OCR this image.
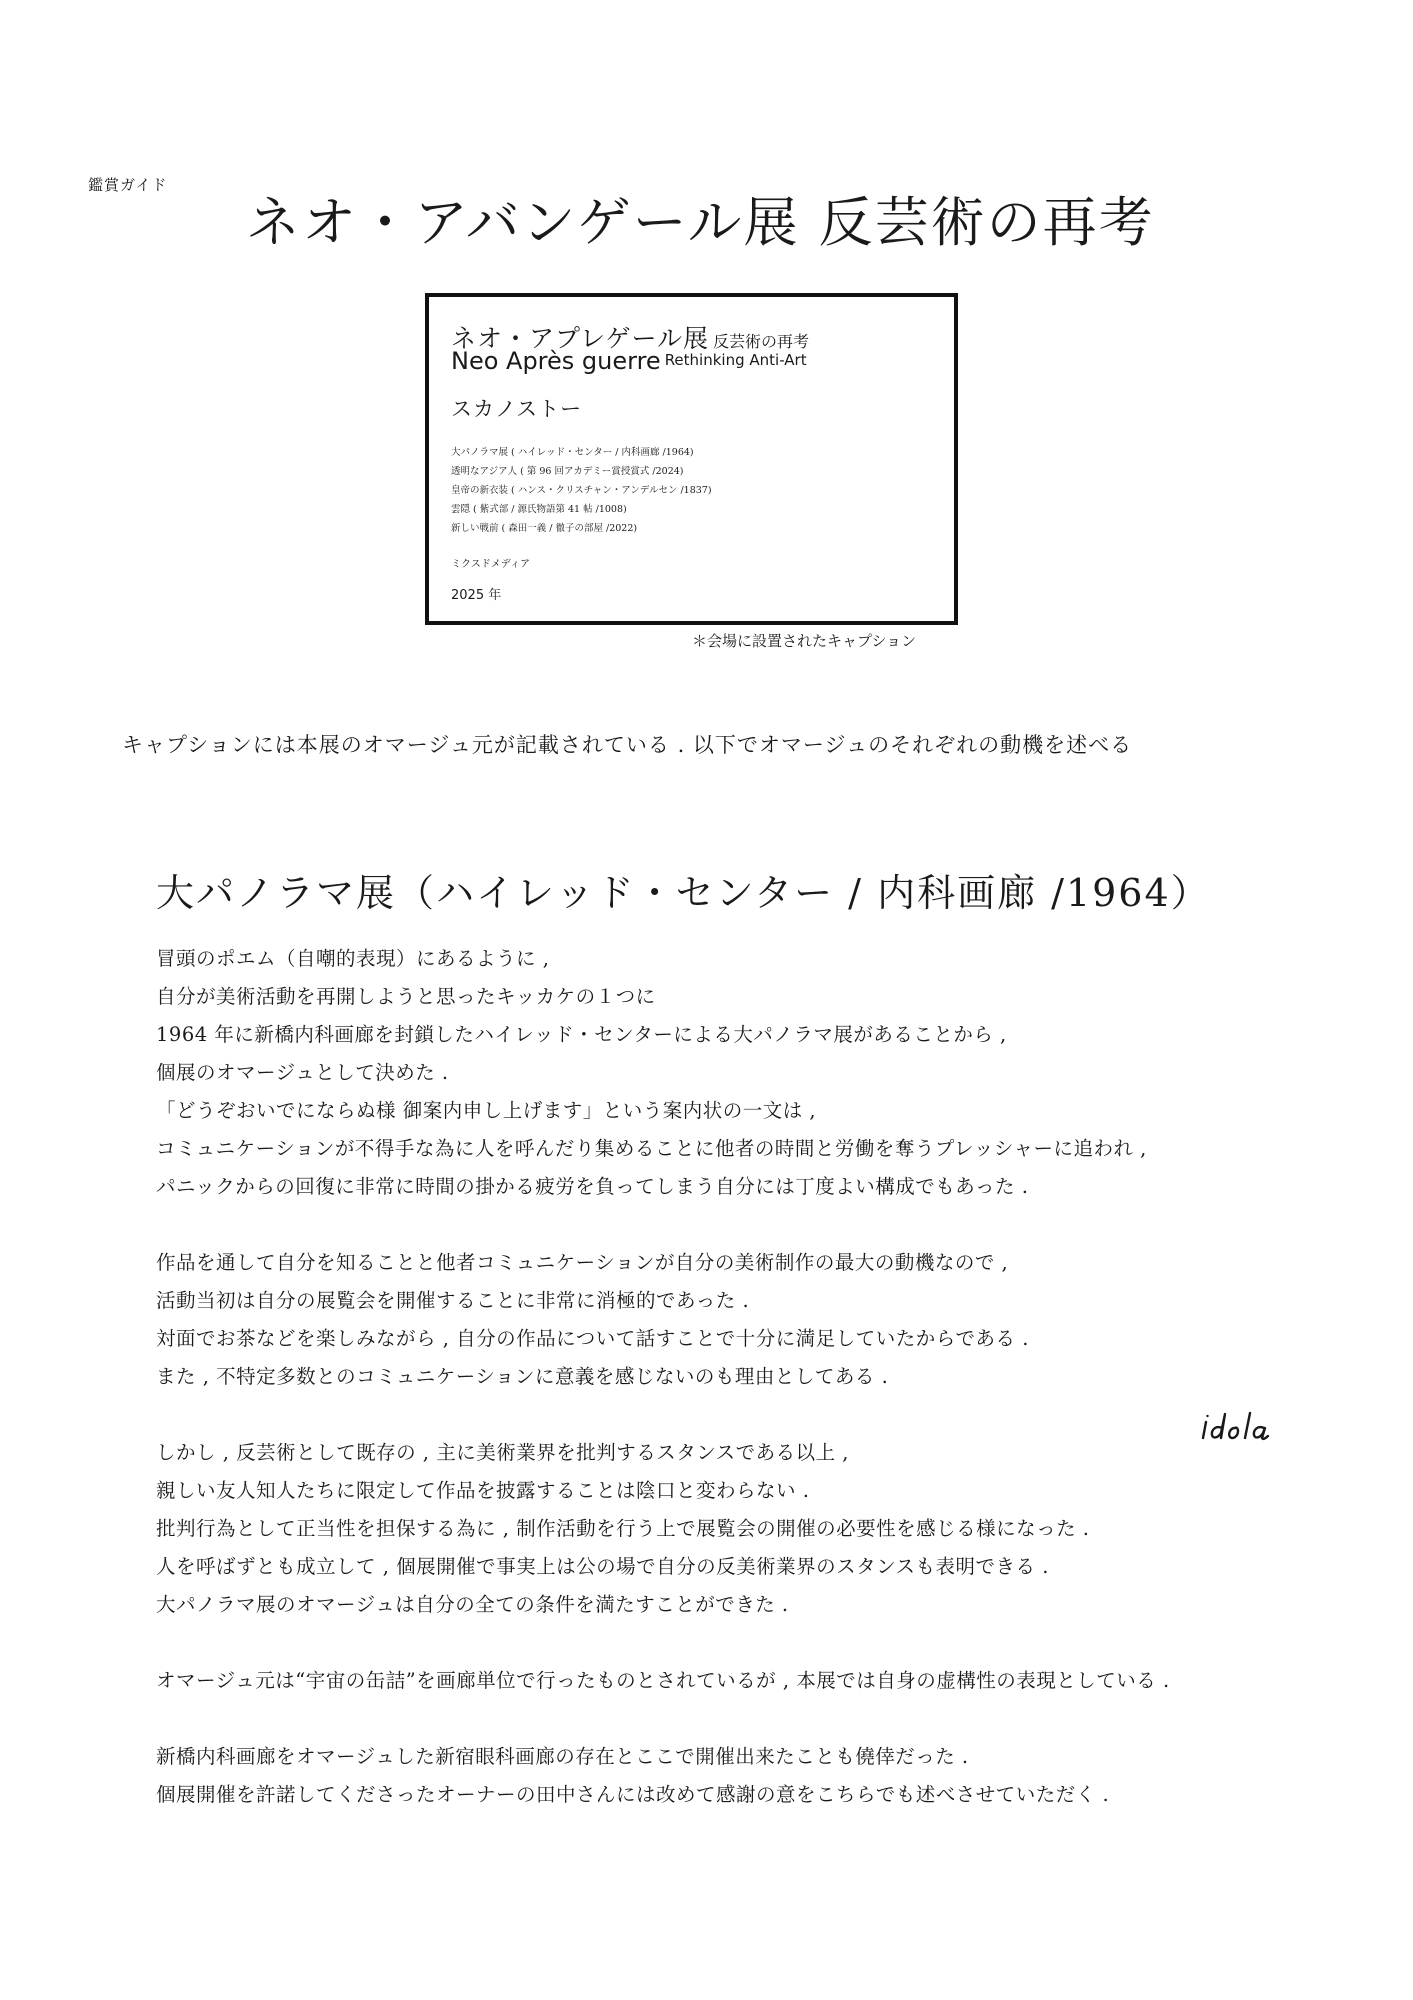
鑑賞ガイド
ネオ・アバンゲール展 反芸術の再考
ネオ・アプレゲール展 反芸術の再考
Neo Après guerre Rethinking Anti-Art
スカノストー
大パノラマ展 ( ハイレッド・センター / 内科画廊 /1964)
透明なアジア人 ( 第 96 回アカデミー賞授賞式 /2024)
皇帝の新衣装 ( ハンス・クリスチャン・アンデルセン /1837)
雲隠 ( 紫式部 / 源氏物語第 41 帖 /1008)
新しい戦前 ( 森田一義 / 徹子の部屋 /2022)
ミクスドメディア
2025 年
＊会場に設置されたキャプション
キャプションには本展のオマージュ元が記載されている . 以下でオマージュのそれぞれの動機を述べる
大パノラマ展（ハイレッド・センター / 内科画廊 /1964）
冒頭のポエム（自嘲的表現）にあるように ,
自分が美術活動を再開しようと思ったキッカケの１つに
1964 年に新橋内科画廊を封鎖したハイレッド・センターによる大パノラマ展があることから ,
個展のオマージュとして決めた .
「どうぞおいでにならぬ様 御案内申し上げます」という案内状の一文は ,
コミュニケーションが不得手な為に人を呼んだり集めることに他者の時間と労働を奪うプレッシャーに追われ ,
パニックからの回復に非常に時間の掛かる疲労を負ってしまう自分には丁度よい構成でもあった .
作品を通して自分を知ることと他者コミュニケーションが自分の美術制作の最大の動機なので ,
活動当初は自分の展覧会を開催することに非常に消極的であった .
対面でお茶などを楽しみながら , 自分の作品について話すことで十分に満足していたからである .
また , 不特定多数とのコミュニケーションに意義を感じないのも理由としてある .
しかし , 反芸術として既存の , 主に美術業界を批判するスタンスである以上 ,
親しい友人知人たちに限定して作品を披露することは陰口と変わらない .
批判行為として正当性を担保する為に , 制作活動を行う上で展覧会の開催の必要性を感じる様になった .
人を呼ばずとも成立して , 個展開催で事実上は公の場で自分の反美術業界のスタンスも表明できる .
大パノラマ展のオマージュは自分の全ての条件を満たすことができた .
オマージュ元は“宇宙の缶詰”を画廊単位で行ったものとされているが , 本展では自身の虚構性の表現としている .
新橋内科画廊をオマージュした新宿眼科画廊の存在とここで開催出来たことも僥倖だった .
個展開催を許諾してくださったオーナーの田中さんには改めて感謝の意をこちらでも述べさせていただく .
